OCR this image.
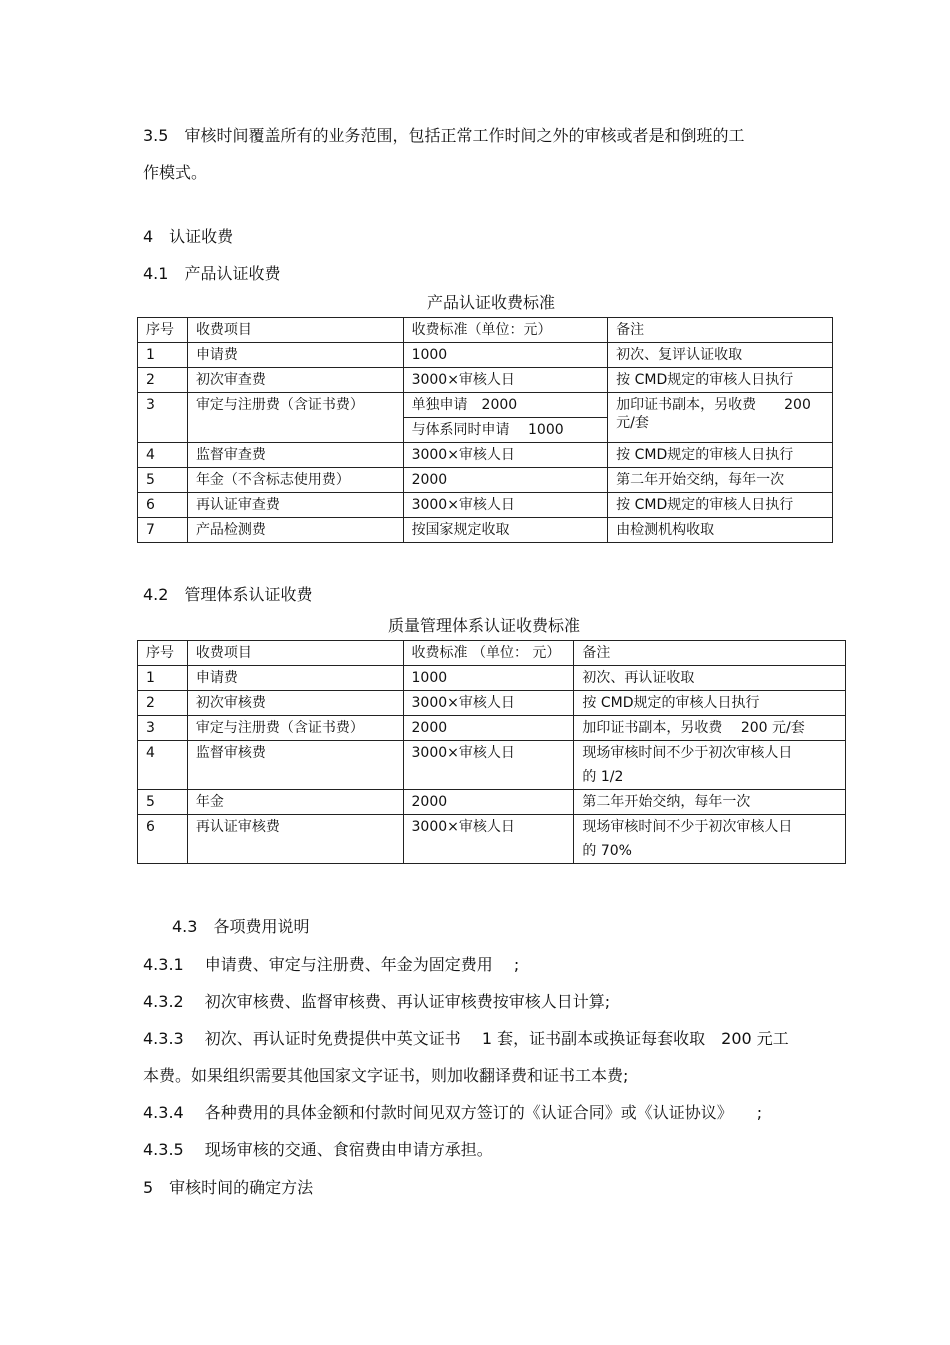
3.5　审核时间覆盖所有的业务范围，包括正常工作时间之外的审核或者是和倒班的工
作模式。
4　认证收费
4.1　产品认证收费
产品认证收费标准
序号	收费项目	收费标准（单位：元）	备注
1	申请费	1000	初次、复评认证收取
2	初次审查费	3000×审核人日	按 CMD规定的审核人日执行
3	审定与注册费（含证书费）	单独申请　2000	加印证书副本，另收费　　200
元/套

		与体系同时申请　 1000	
4	监督审查费	3000×审核人日	按 CMD规定的审核人日执行
5	年金（不含标志使用费）	2000	第二年开始交纳，每年一次
6	再认证审查费	3000×审核人日	按 CMD规定的审核人日执行
7	产品检测费	按国家规定收取	由检测机构收取
4.2　管理体系认证收费
质量管理体系认证收费标准
序号	收费项目	收费标准 （单位： 元）	备注
1	申请费	1000	初次、再认证收取
2	初次审核费	3000×审核人日	按 CMD规定的审核人日执行
3	审定与注册费（含证书费）	2000	加印证书副本，另收费　 200 元/套
4	监督审核费	3000×审核人日	现场审核时间不少于初次审核人日
的 1/2

5	年金	2000	第二年开始交纳，每年一次
6	再认证审核费	3000×审核人日	现场审核时间不少于初次审核人日
的 70%
4.3　各项费用说明
4.3.1　 申请费、审定与注册费、年金为固定费用　 ;
4.3.2　 初次审核费、监督审核费、再认证审核费按审核人日计算;
4.3.3　 初次、再认证时免费提供中英文证书　 1 套，证书副本或换证每套收取　200 元工
本费。如果组织需要其他国家文字证书，则加收翻译费和证书工本费;
4.3.4　 各种费用的具体金额和付款时间见双方签订的《认证合同》或《认证协议》　　;
4.3.5　 现场审核的交通、食宿费由申请方承担。
5　审核时间的确定方法
